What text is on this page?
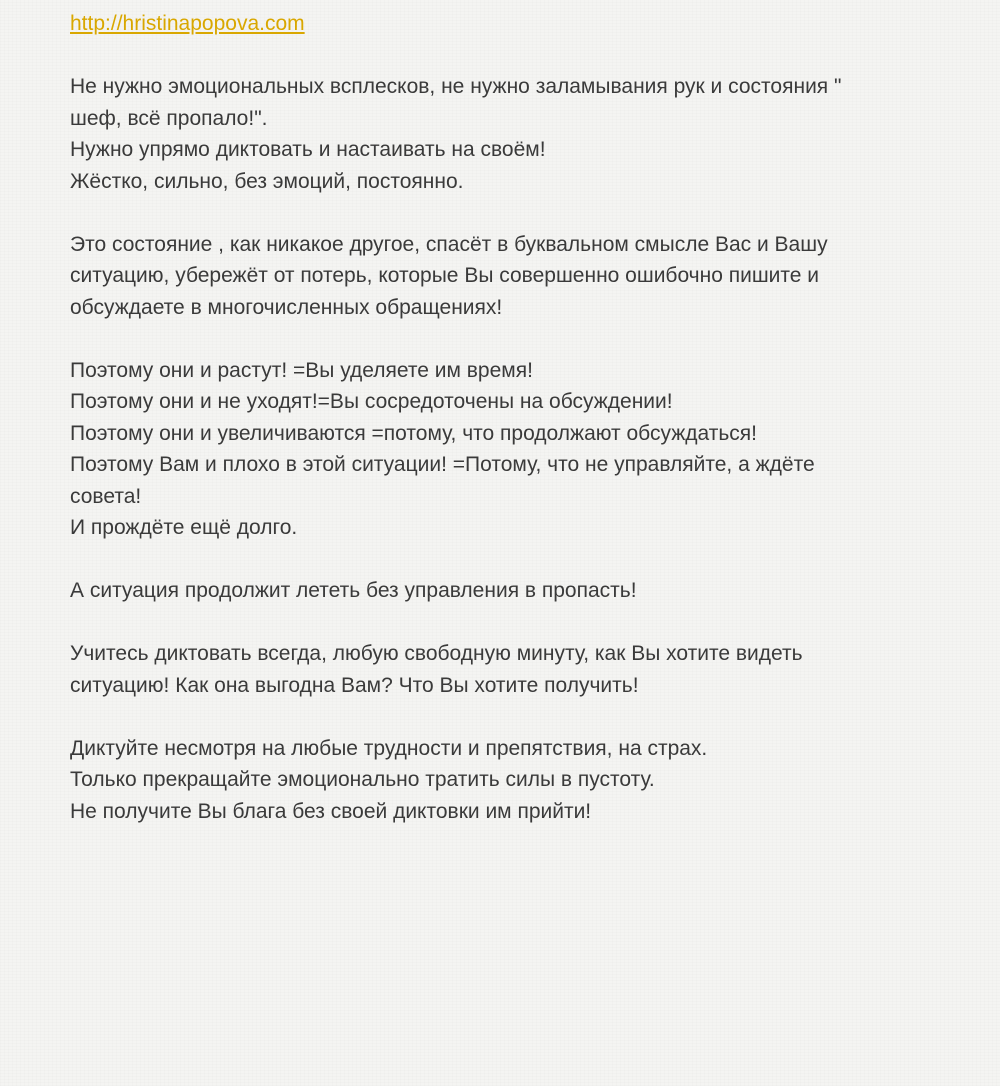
http://hristinapopova.com
Не нужно эмоциональных всплесков, не нужно заламывания рук и состояния "
шеф, всё пропало!".
Нужно упрямо диктовать и настаивать на своём!
Жёстко, сильно, без эмоций, постоянно.
Это состояние , как никакое другое, спасёт в буквальном смысле Вас и Вашу
ситуацию, убережёт от потерь, которые Вы совершенно ошибочно пишите и
обсуждаете в многочисленных обращениях!
Поэтому они и растут! =Вы уделяете им время!
Поэтому они и не уходят!=Вы сосредоточены на обсуждении!
Поэтому они и увеличиваются =потому, что продолжают обсуждаться!
Поэтому Вам и плохо в этой ситуации! =Потому, что не управляйте, а ждёте
совета!
И прождёте ещё долго.
А ситуация продолжит лететь без управления в пропасть!
Учитесь диктовать всегда, любую свободную минуту, как Вы хотите видеть
ситуацию! Как она выгодна Вам? Что Вы хотите получить!
Диктуйте несмотря на любые трудности и препятствия, на страх.
Только прекращайте эмоционально тратить силы в пустоту.
Не получите Вы блага без своей диктовки им прийти!
